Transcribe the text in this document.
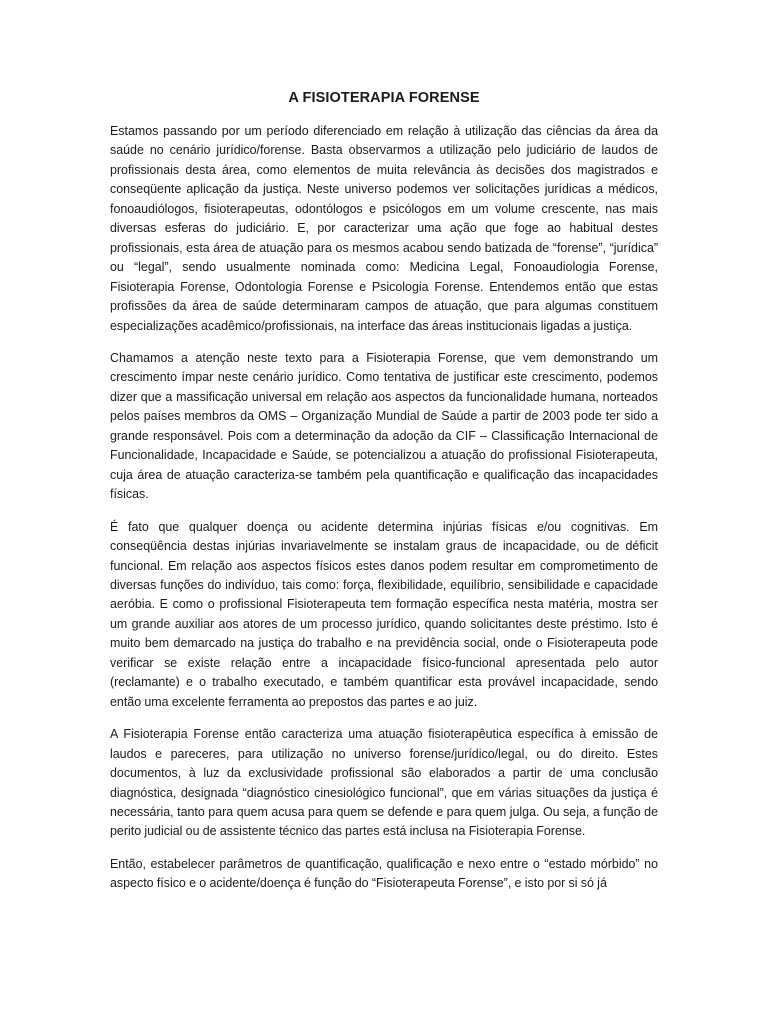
A FISIOTERAPIA FORENSE

Estamos passando por um período diferenciado em relação à utilização das ciências da área da saúde no cenário jurídico/forense. Basta observarmos a utilização pelo judiciário de laudos de profissionais desta área, como elementos de muita relevância às decisões dos magistrados e conseqüente aplicação da justiça. Neste universo podemos ver solicitações jurídicas a médicos, fonoaudiólogos, fisioterapeutas, odontólogos e psicólogos em um volume crescente, nas mais diversas esferas do judiciário. E, por caracterizar uma ação que foge ao habitual destes profissionais, esta área de atuação para os mesmos acabou sendo batizada de “forense”, “jurídica” ou “legal”, sendo usualmente nominada como: Medicina Legal, Fonoaudiologia Forense, Fisioterapia Forense, Odontologia Forense e Psicologia Forense. Entendemos então que estas profissões da área de saúde determinaram campos de atuação, que para algumas constituem especializações acadêmico/profissionais, na interface das áreas institucionais ligadas a justiça.

Chamamos a atenção neste texto para a Fisioterapia Forense, que vem demonstrando um crescimento ímpar neste cenário jurídico. Como tentativa de justificar este crescimento, podemos dizer que a massificação universal em relação aos aspectos da funcionalidade humana, norteados pelos países membros da OMS – Organização Mundial de Saúde a partir de 2003 pode ter sido a grande responsável. Pois com a determinação da adoção da CIF – Classificação Internacional de Funcionalidade, Incapacidade e Saúde, se potencializou a atuação do profissional Fisioterapeuta, cuja área de atuação caracteriza-se também pela quantificação e qualificação das incapacidades físicas.

É fato que qualquer doença ou acidente determina injúrias físicas e/ou cognitivas. Em conseqüência destas injúrias invariavelmente se instalam graus de incapacidade, ou de déficit funcional. Em relação aos aspectos físicos estes danos podem resultar em comprometimento de diversas funções do indivíduo, tais como: força, flexibilidade, equilíbrio, sensibilidade e capacidade aeróbia. E como o profissional Fisioterapeuta tem formação específica nesta matéria, mostra ser um grande auxiliar aos atores de um processo jurídico, quando solicitantes deste préstimo. Isto é muito bem demarcado na justiça do trabalho e na previdência social, onde o Fisioterapeuta pode verificar se existe relação entre a incapacidade físico-funcional apresentada pelo autor (reclamante) e o trabalho executado, e também quantificar esta provável incapacidade, sendo então uma excelente ferramenta ao prepostos das partes e ao juiz.

A Fisioterapia Forense então caracteriza uma atuação fisioterapêutica específica à emissão de laudos e pareceres, para utilização no universo forense/jurídico/legal, ou do direito. Estes documentos, à luz da exclusividade profissional são elaborados a partir de uma conclusão diagnóstica, designada “diagnóstico cinesiológico funcional”, que em várias situações da justiça é necessária, tanto para quem acusa para quem se defende e para quem julga. Ou seja, a função de perito judicial ou de assistente técnico das partes está inclusa na Fisioterapia Forense.

Então, estabelecer parâmetros de quantificação, qualificação e nexo entre o “estado mórbido” no aspecto físico e o acidente/doença é função do “Fisioterapeuta Forense”, e isto por si só já
